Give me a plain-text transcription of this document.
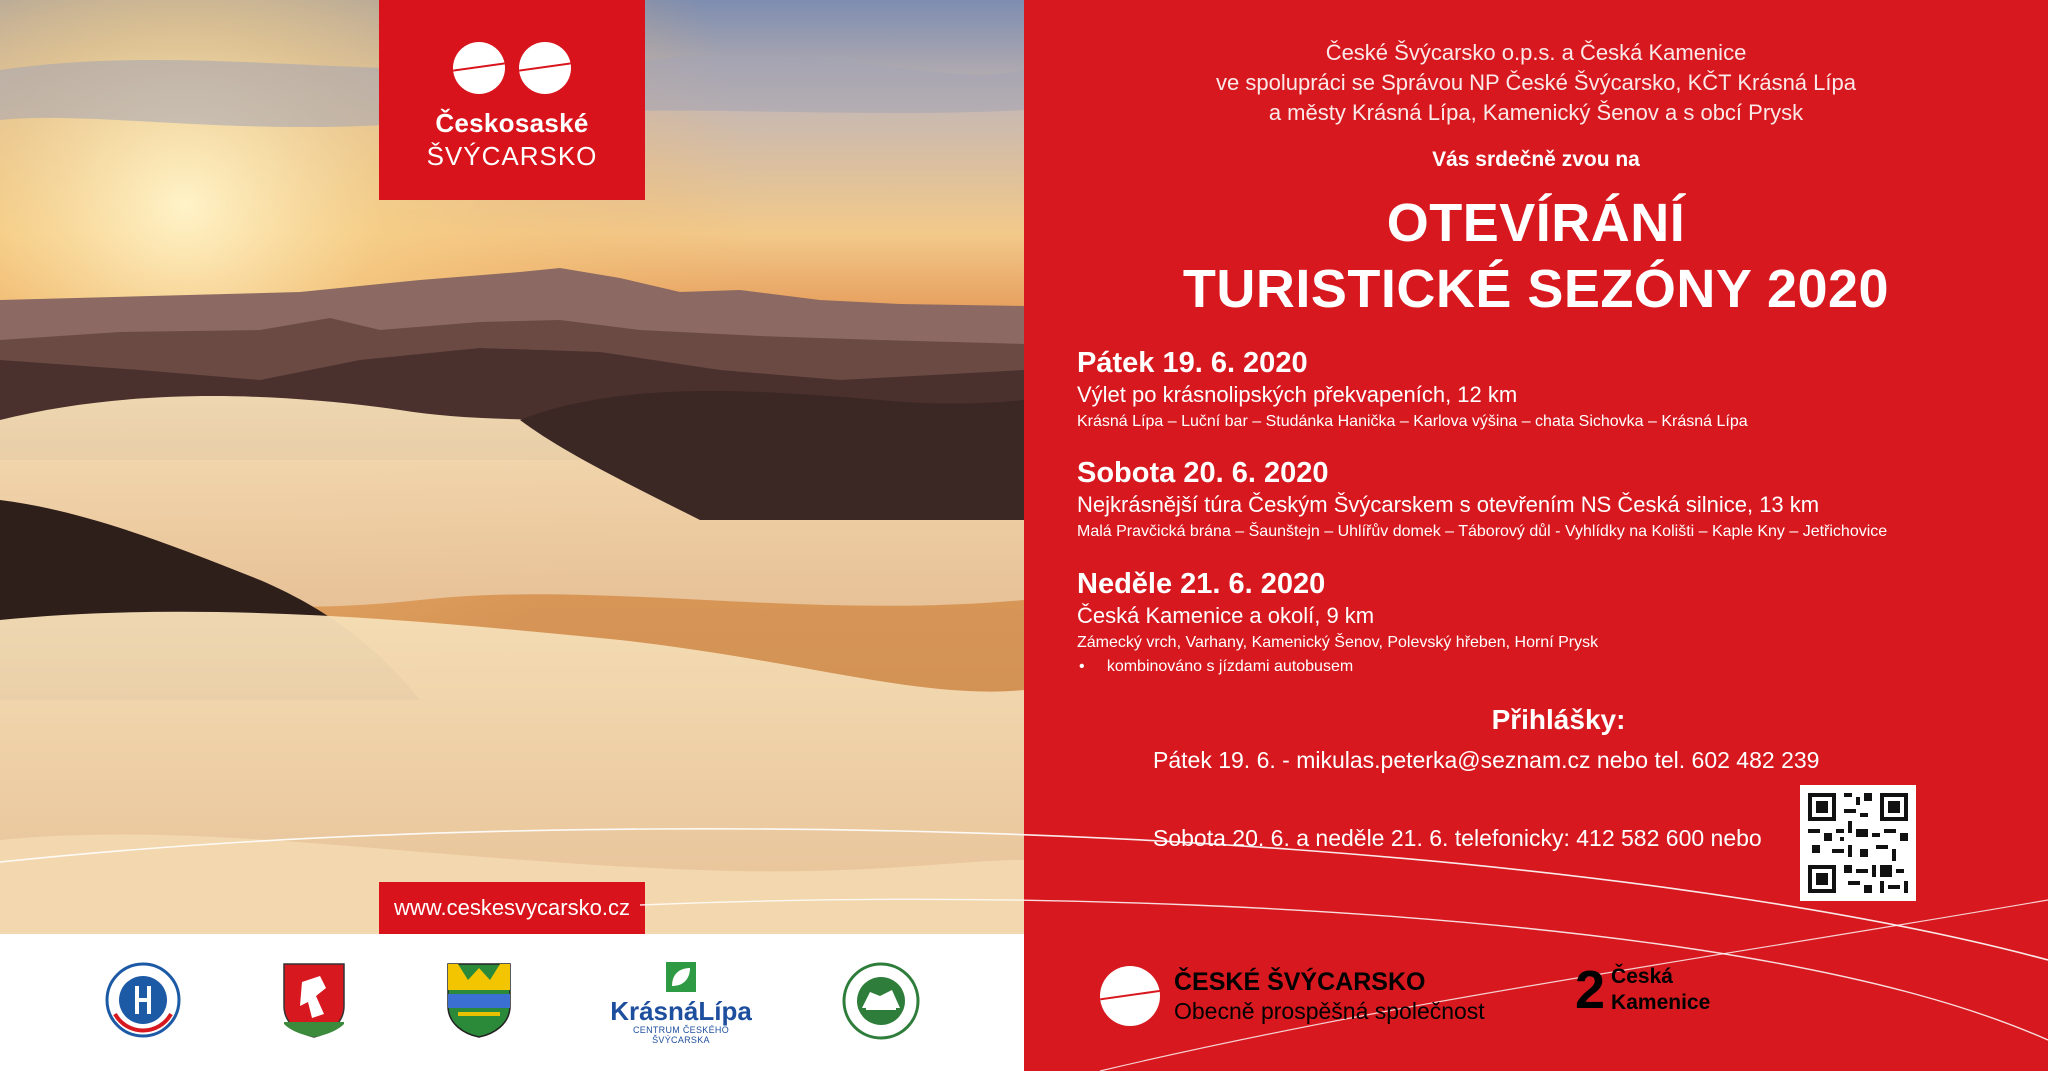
Českosaské
ŠVÝCARSKO
www.ceskesvycarsko.cz
KrásnáLípa
CENTRUM ČESKÉHO ŠVÝCARSKA
České Švýcarsko o.p.s. a Česká Kamenice
ve spolupráci se Správou NP České Švýcarsko, KČT Krásná Lípa
a městy Krásná Lípa, Kamenický Šenov a s obcí Prysk
Vás srdečně zvou na
OTEVÍRÁNÍ
TURISTICKÉ SEZÓNY 2020
Pátek 19. 6. 2020
Výlet po krásnolipských překvapeních, 12 km
Krásná Lípa – Luční bar – Studánka Hanička – Karlova výšina – chata Sichovka – Krásná Lípa
Sobota 20. 6. 2020
Nejkrásnější túra Českým Švýcarskem s otevřením NS Česká silnice, 13 km
Malá Pravčická brána – Šaunštejn – Uhlířův domek – Táborový důl - Vyhlídky na Kolišti – Kaple Kny – Jetřichovice
Neděle 21. 6. 2020
Česká Kamenice a okolí, 9 km
Zámecký vrch, Varhany, Kamenický Šenov, Polevský hřeben, Horní Prysk
•     kombinováno s jízdami autobusem
Přihlášky:
Pátek 19. 6. - mikulas.peterka@seznam.cz nebo tel. 602 482 239
Sobota 20. 6. a neděle 21. 6. telefonicky: 412 582 600 nebo
ČESKÉ ŠVÝCARSKO
Obecně prospěšná společnost 2 Česká
Kamenice
